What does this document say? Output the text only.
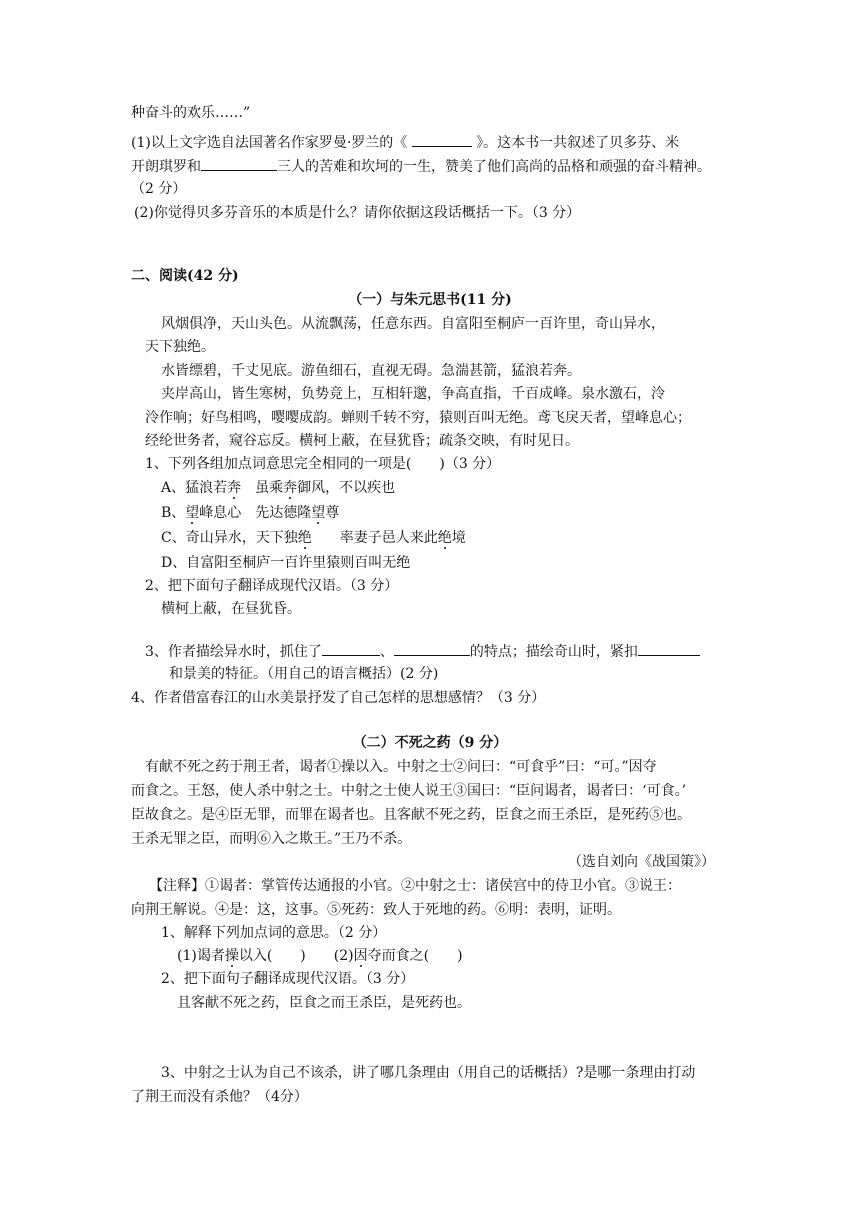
种奋斗的欢乐……”
(1)以上文字选自法国著名作家罗曼·罗兰的《	》。这本书一共叙述了贝多芬、米
开朗琪罗和	三人的苦难和坎坷的一生，赞美了他们高尚的品格和顽强的奋斗精神。
（2 分）
(2)你觉得贝多芬音乐的本质是什么？请你依据这段话概括一下。（3 分）
二、阅读(42 分)
（一）与朱元思书(11 分)
风烟俱净，天山头色。从流飘荡，任意东西。自富阳至桐庐一百许里，奇山异水，
天下独绝。
水皆缥碧，千丈见底。游鱼细石，直视无碍。急湍甚箭，猛浪若奔。
夹岸高山，皆生寒树，负势竞上，互相轩邈，争高直指，千百成峰。泉水激石，泠
泠作响；好鸟相鸣，嘤嘤成韵。蝉则千转不穷，猿则百叫无绝。鸢飞戾天者，望峰息心；
经纶世务者，窥谷忘反。横柯上蔽，在昼犹昏；疏条交映，有时见日。
1、下列各组加点词意思完全相同的一项是(　　)（3 分）
A、猛浪若奔　虽乘奔御风，不以疾也
B、望峰息心　先达德隆望尊
C、奇山异水，天下独绝　　率妻子邑人来此绝境
D、自富阳至桐庐一百许里猿则百叫无绝
2、把下面句子翻译成现代汉语。（3 分）
横柯上蔽，在昼犹昏。
3、作者描绘异水时，抓住了	、	的特点；描绘奇山时，紧扣
和景美的特征。（用自己的语言概括）(2 分)
4、作者借富春江的山水美景抒发了自己怎样的思想感情？（3 分）
（二）不死之药（9 分）
有献不死之药于荆王者，谒者①操以入。中射之士②问曰：“可食乎”曰：“可。”因夺
而食之。王怒，使人杀中射之士。中射之士使人说王③国曰：“臣问谒者，谒者曰：‘可食。’
臣故食之。是④臣无罪，而罪在谒者也。且客献不死之药，臣食之而王杀臣，是死药⑤也。
王杀无罪之臣，而明⑥入之欺王。”王乃不杀。
（选自刘向《战国策》）
【注释】①谒者：掌管传达通报的小官。②中射之士：诸侯宫中的侍卫小官。③说王：
向荆王解说。④是：这，这事。⑤死药：致人于死地的药。⑥明：表明，证明。
1、解释下列加点词的意思。（2 分）
(1)谒者操以入(　　)　　(2)因夺而食之(　　)
2、把下面句子翻译成现代汉语。（3 分）
且客献不死之药，臣食之而王杀臣，是死药也。
3、中射之士认为自己不该杀，讲了哪几条理由（用自己的话概括）?是哪一条理由打动
了荆王而没有杀他？（4分）
